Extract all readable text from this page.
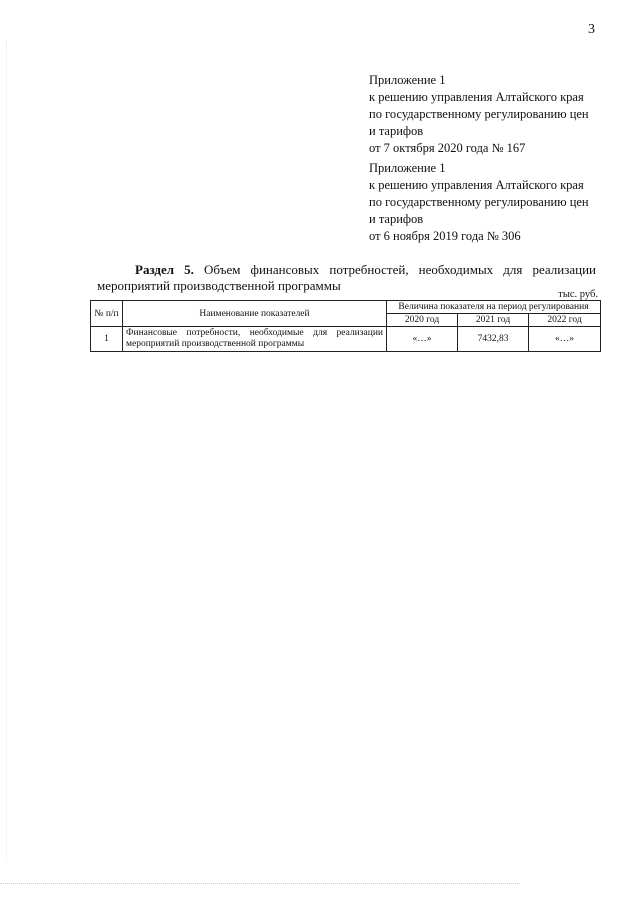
3
Приложение 1
к решению управления Алтайского края
по государственному регулированию цен
и тарифов
от 7 октября 2020 года № 167
Приложение 1
к решению управления Алтайского края
по государственному регулированию цен
и тарифов
от 6 ноября 2019 года № 306
Раздел 5. Объем финансовых потребностей, необходимых для реализации мероприятий производственной программы
тыс. руб.
№ п/п	Наименование показателей	Величина показателя на период регулирования		
		2020 год	2021 год	2022 год
1	Финансовые потребности, необходимые для реализации мероприятий производственной программы	«…»	7432,83	«…»
